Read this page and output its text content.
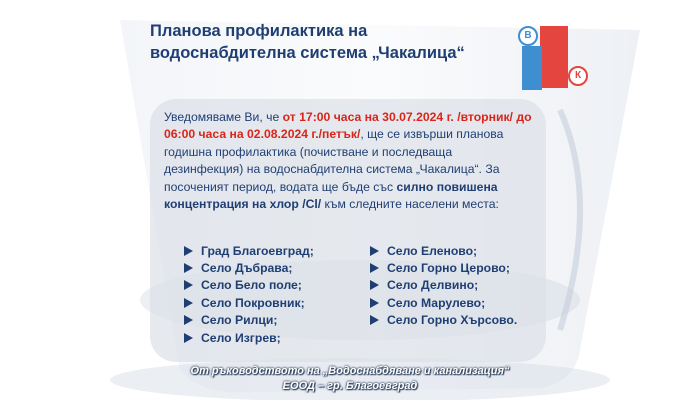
Планова профилактика на
водоснабдителна система „Чакалица“
В
К
Уведомяваме Ви, че от 17:00 часа на 30.07.2024 г. /вторник/ до 06:00 часа на 02.08.2024 г./петък/, ще се извърши планова годишна профилактика (почистване и последваща дезинфекция) на водоснабдителна система „Чакалица“. За посоченият период, водата ще бъде със силно повишена концентрация на хлор /Cl/ към следните населени места:
Град Благоевград;
Село Дъбрава;
Село Бело поле;
Село Покровник;
Село Рилци;
Село Изгрев;
Село Еленово;
Село Горно Церово;
Село Делвино;
Село Марулево;
Село Горно Хърсово.
От ръководството на „Водоснабдяване и канализация“
ЕООД – гр. Благоевград
